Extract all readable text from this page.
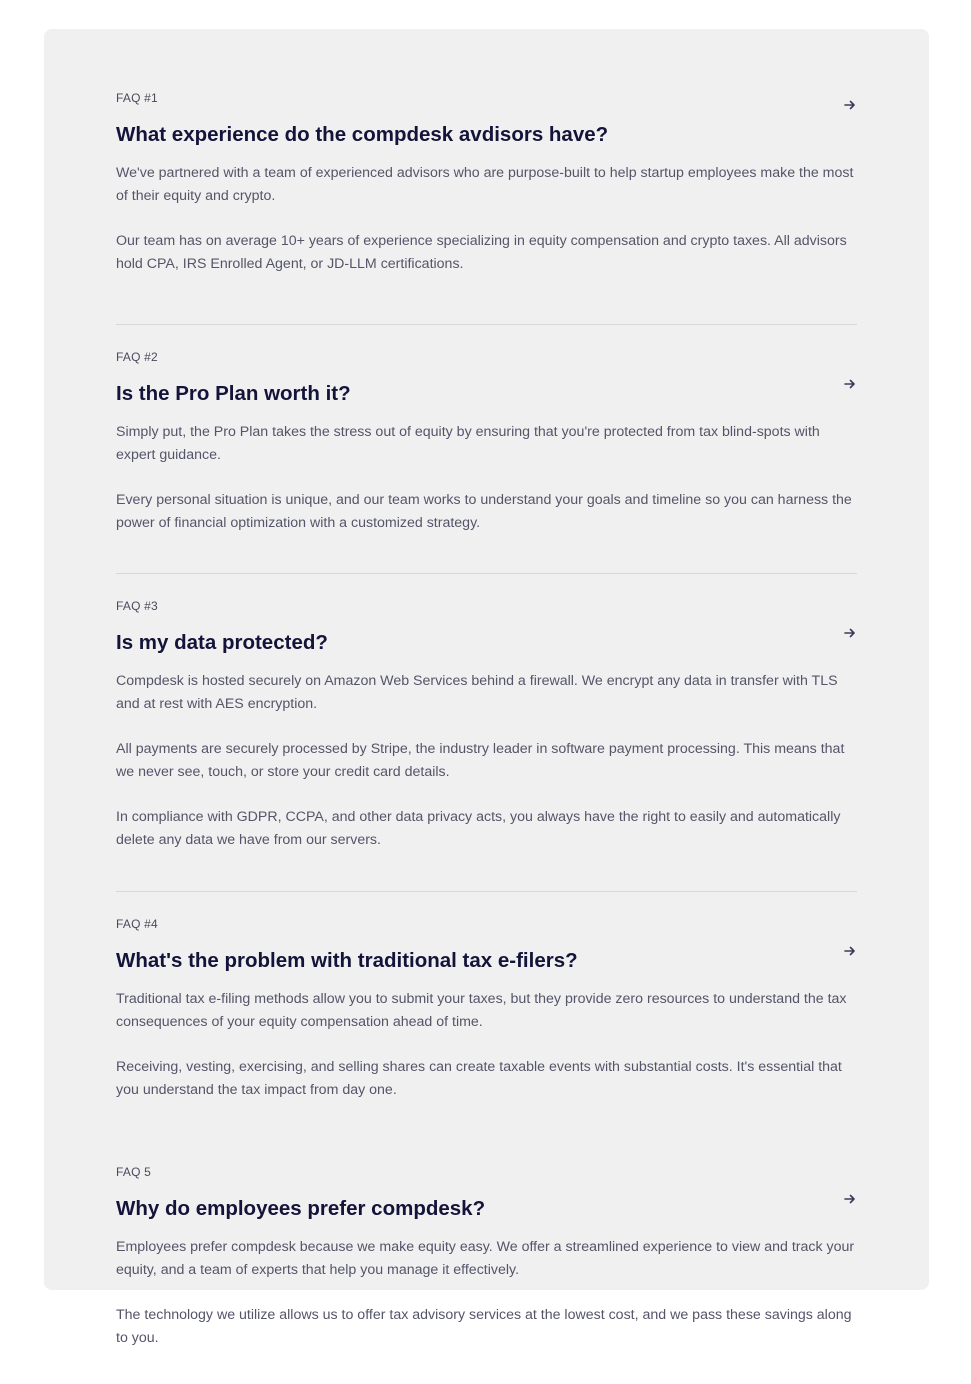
FAQ #1
What experience do the compdesk avdisors have?

We've partnered with a team of experienced advisors who are purpose-built to help startup employees make the most of their equity and crypto.

Our team has on average 10+ years of experience specializing in equity compensation and crypto taxes. All advisors hold CPA, IRS Enrolled Agent, or JD-LLM certifications.

FAQ #2
Is the Pro Plan worth it?

Simply put, the Pro Plan takes the stress out of equity by ensuring that you're protected from tax blind-spots with expert guidance.

Every personal situation is unique, and our team works to understand your goals and timeline so you can harness the power of financial optimization with a customized strategy.

FAQ #3
Is my data protected?

Compdesk is hosted securely on Amazon Web Services behind a firewall. We encrypt any data in transfer with TLS and at rest with AES encryption.

All payments are securely processed by Stripe, the industry leader in software payment processing. This means that we never see, touch, or store your credit card details.

In compliance with GDPR, CCPA, and other data privacy acts, you always have the right to easily and automatically delete any data we have from our servers.

FAQ #4
What's the problem with traditional tax e-filers?

Traditional tax e-filing methods allow you to submit your taxes, but they provide zero resources to understand the tax consequences of your equity compensation ahead of time.

Receiving, vesting, exercising, and selling shares can create taxable events with substantial costs. It's essential that you understand the tax impact from day one.

FAQ 5
Why do employees prefer compdesk?

Employees prefer compdesk because we make equity easy. We offer a streamlined experience to view and track your equity, and a team of experts that help you manage it effectively.

The technology we utilize allows us to offer tax advisory services at the lowest cost, and we pass these savings along to you.
